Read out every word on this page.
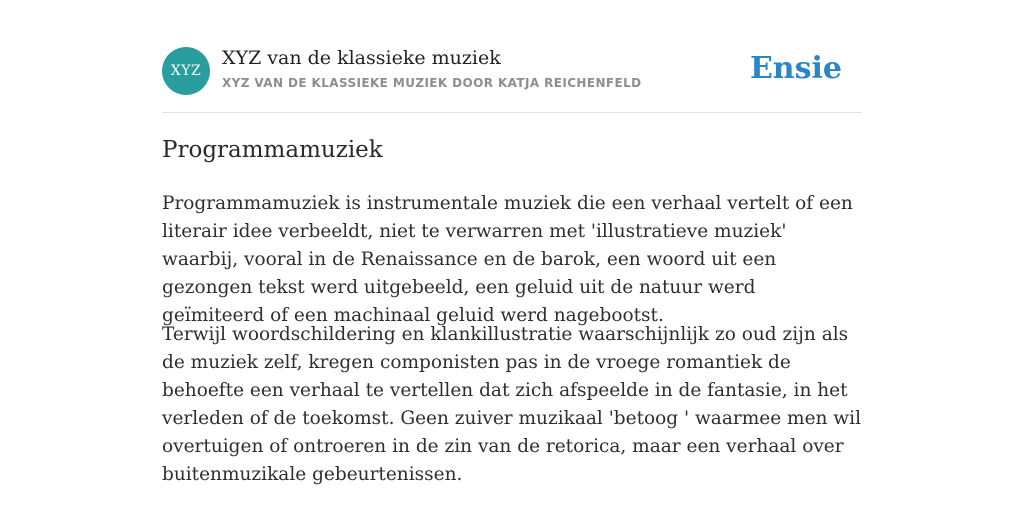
XYZ
XYZ van de klassieke muziek
XYZ VAN DE KLASSIEKE MUZIEK DOOR KATJA REICHENFELD	Ensie
Programmamuziek

Programmamuziek is instrumentale muziek die een verhaal vertelt of een literair idee verbeeldt, niet te verwarren met 'illustratieve muziek' waarbij, vooral in de Renaissance en de barok, een woord uit een gezongen tekst werd uitgebeeld, een geluid uit de natuur werd geïmiteerd of een machinaal geluid werd nagebootst.

Terwijl woordschildering en klankillustratie waarschijnlijk zo oud zijn als de muziek zelf, kregen componisten pas in de vroege romantiek de behoefte een verhaal te vertellen dat zich afspeelde in de fantasie, in het verleden of de toekomst. Geen zuiver muzikaal 'betoog ' waarmee men wil overtuigen of ontroeren in de zin van de retorica, maar een verhaal over buitenmuzikale gebeurtenissen.
